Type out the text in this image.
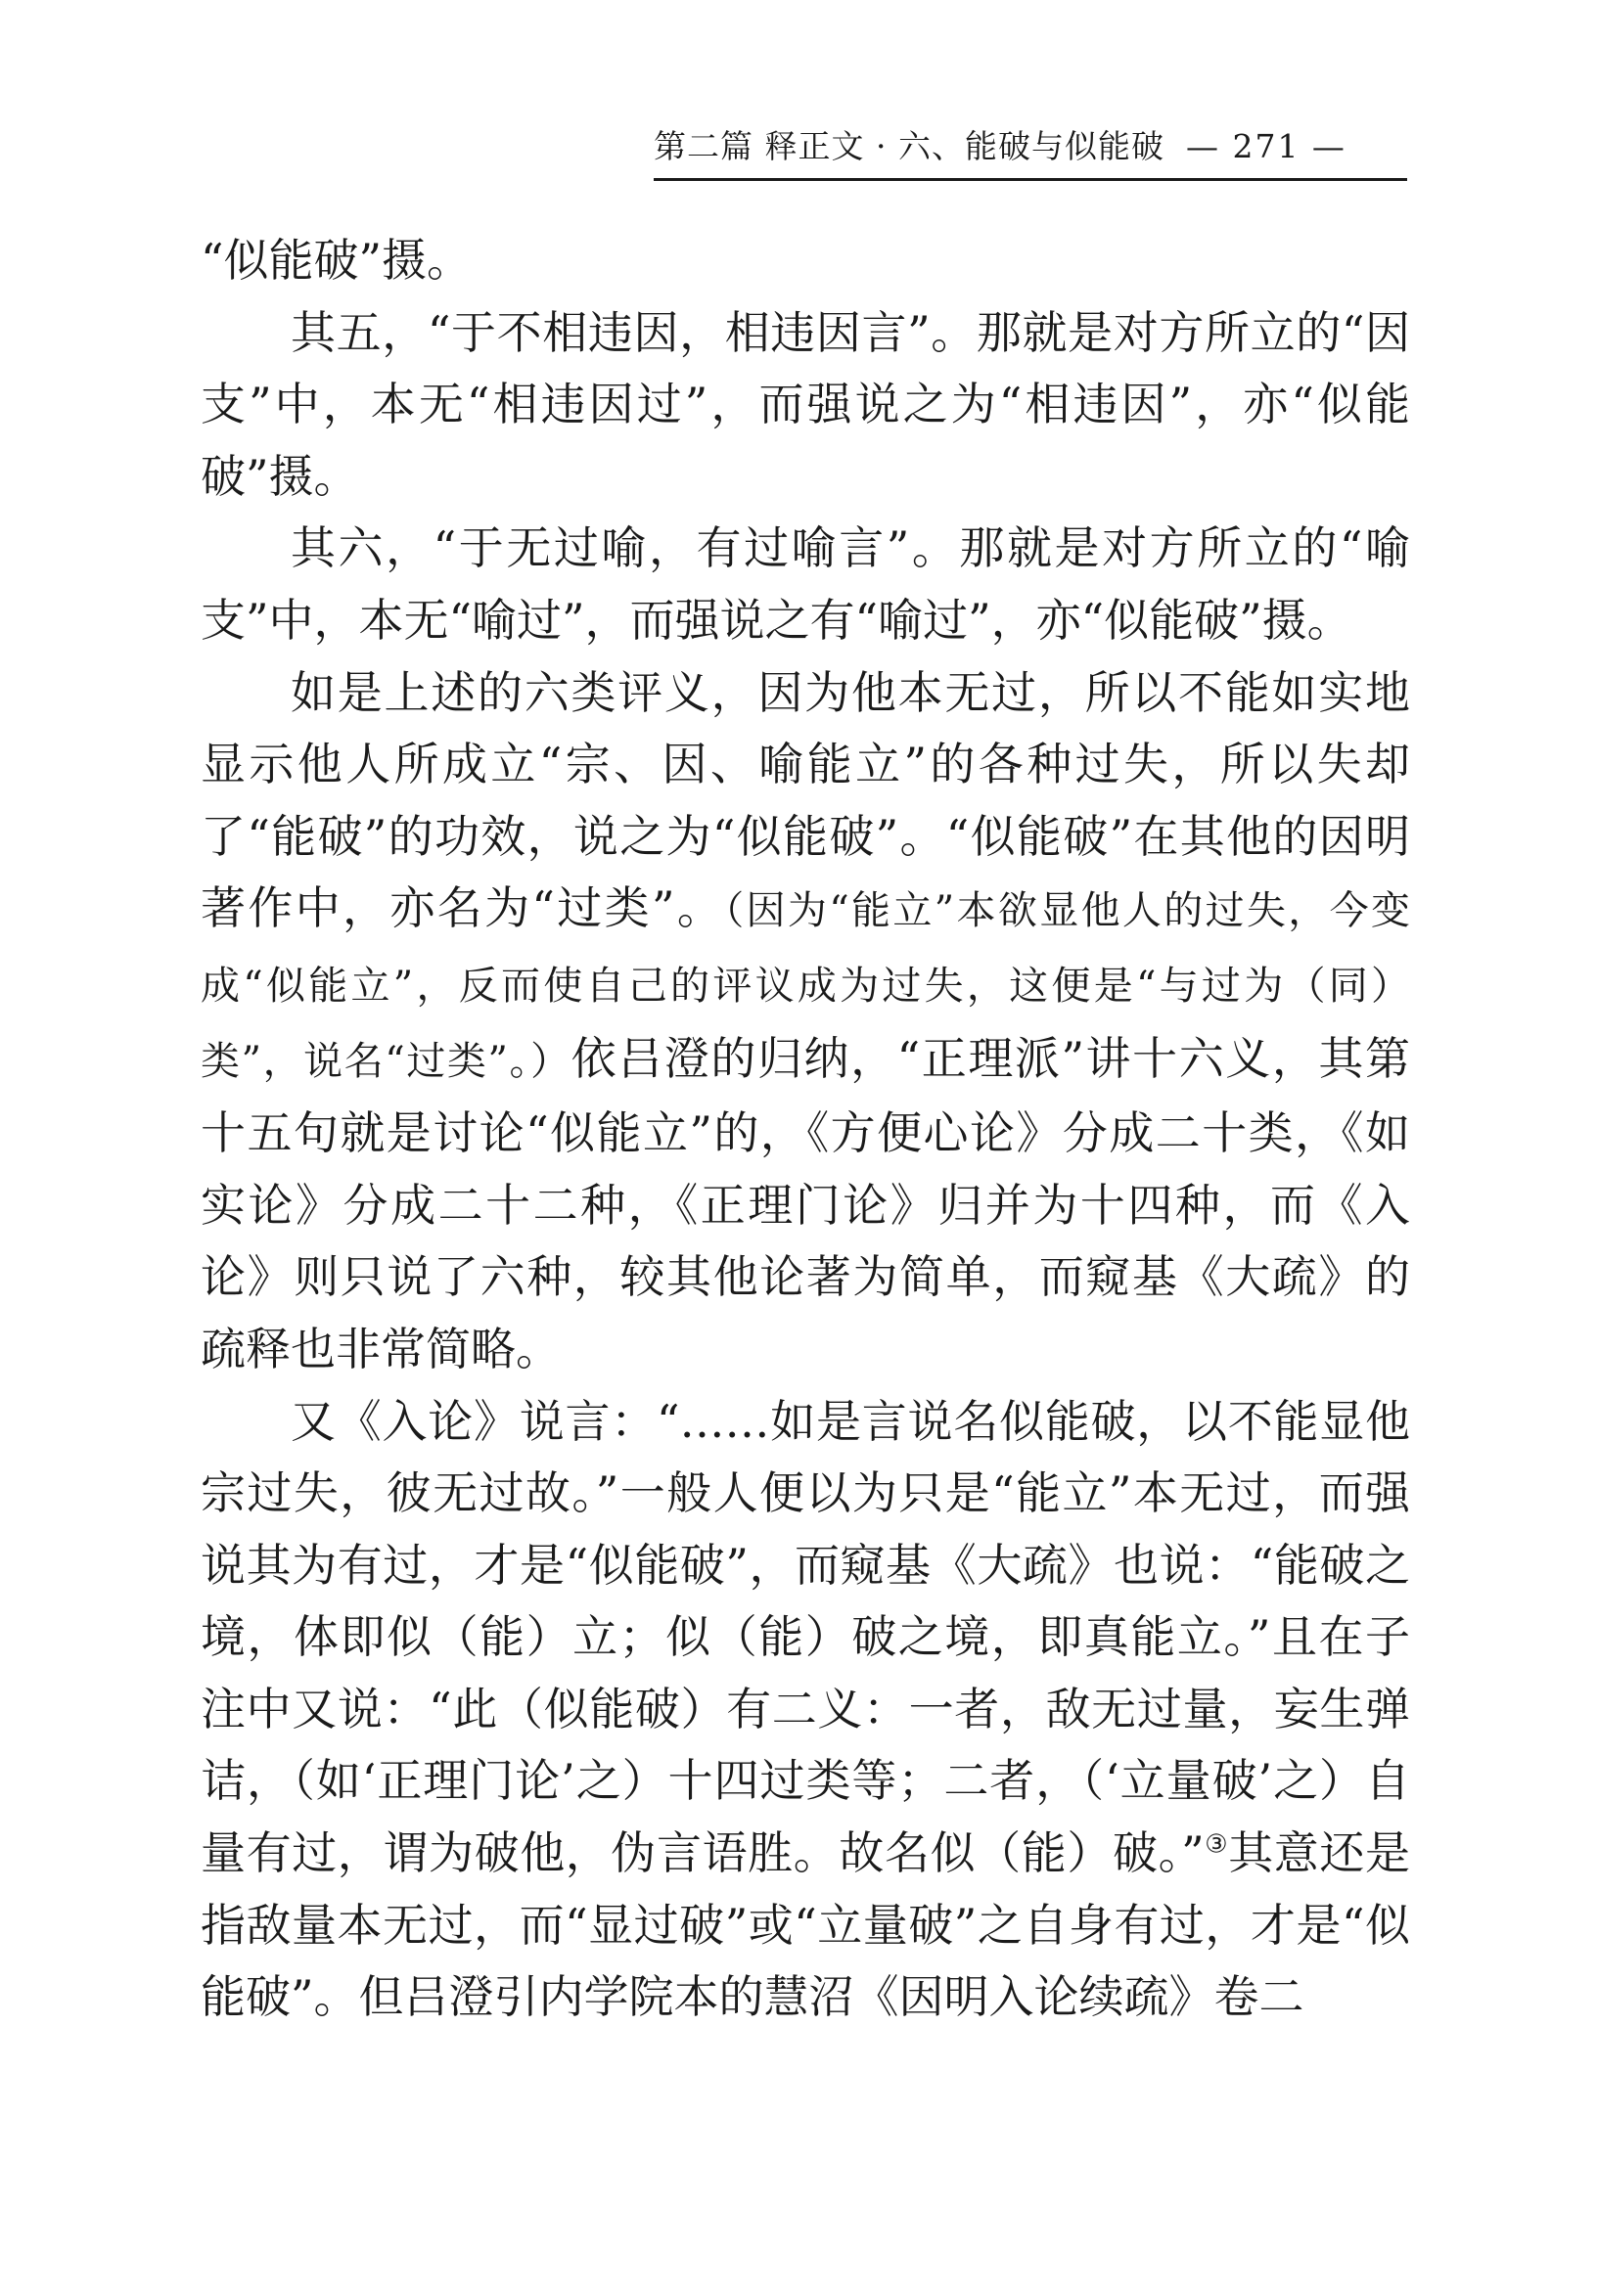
第二篇 释正文 · 六、能破与似能破 — 271 —

“似能破”摄。

其五，“于不相违因，相违因言”。那就是对方所立的“因支”中，本无“相违因过”，而强说之为“相违因”，亦“似能破”摄。

其六，“于无过喻，有过喻言”。那就是对方所立的“喻支”中，本无“喻过”，而强说之有“喻过”，亦“似能破”摄。

如是上述的六类评义，因为他本无过，所以不能如实地显示他人所成立“宗、因、喻能立”的各种过失，所以失却了“能破”的功效，说之为“似能破”。“似能破”在其他的因明著作中，亦名为“过类”。（因为“能立”本欲显他人的过失，今变成“似能立”，反而使自己的评议成为过失，这便是“与过为（同）类”，说名“过类”。）依吕澄的归纳，“正理派”讲十六义，其第十五句就是讨论“似能立”的，《方便心论》分成二十类，《如实论》分成二十二种，《正理门论》归并为十四种，而《入论》则只说了六种，较其他论著为简单，而窥基《大疏》的疏释也非常简略。

又《入论》说言：“……如是言说名似能破，以不能显他宗过失，彼无过故。”一般人便以为只是“能立”本无过，而强说其为有过，才是“似能破”，而窥基《大疏》也说：“能破之境，体即似（能）立；似（能）破之境，即真能立。”且在子注中又说：“此（似能破）有二义：一者，敌无过量，妄生弹诘，（如‘正理门论’之）十四过类等；二者，（‘立量破’之）自量有过，谓为破他，伪言语胜。故名似（能）破。”③其意还是指敌量本无过，而“显过破”或“立量破”之自身有过，才是“似能破”。但吕澄引内学院本的慧沼《因明入论续疏》卷二
